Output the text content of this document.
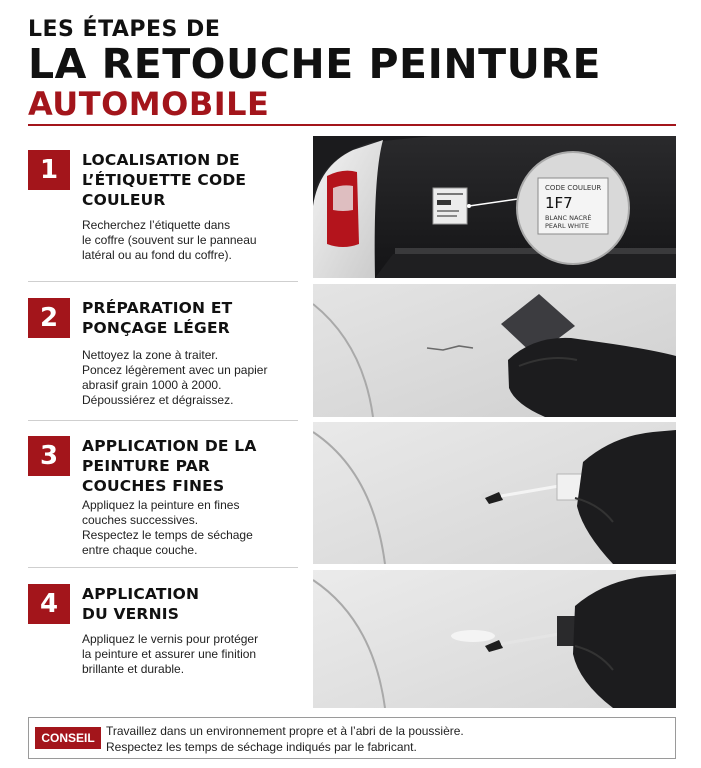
LES ÉTAPES DE
LA RETOUCHE PEINTURE
AUTOMOBILE
1	LOCALISATION DE
L’ÉTIQUETTE CODE
COULEUR
Recherchez l’étiquette dans
le coffre (souvent sur le panneau
latéral ou au fond du coffre).
CODE COULEUR
1F7
BLANC NACRÉ
PEARL WHITE
2	PRÉPARATION ET
PONÇAGE LÉGER
Nettoyez la zone à traiter.
Poncez légèrement avec un papier
abrasif grain 1000 à 2000.
Dépoussiérez et dégraissez.
3	APPLICATION DE LA
PEINTURE PAR
COUCHES FINES
Appliquez la peinture en fines
couches successives.
Respectez le temps de séchage
entre chaque couche.
4	APPLICATION
DU VERNIS
Appliquez le vernis pour protéger
la peinture et assurer une finition
brillante et durable.
CONSEIL Travaillez dans un environnement propre et à l’abri de la poussière.
Respectez les temps de séchage indiqués par le fabricant.
